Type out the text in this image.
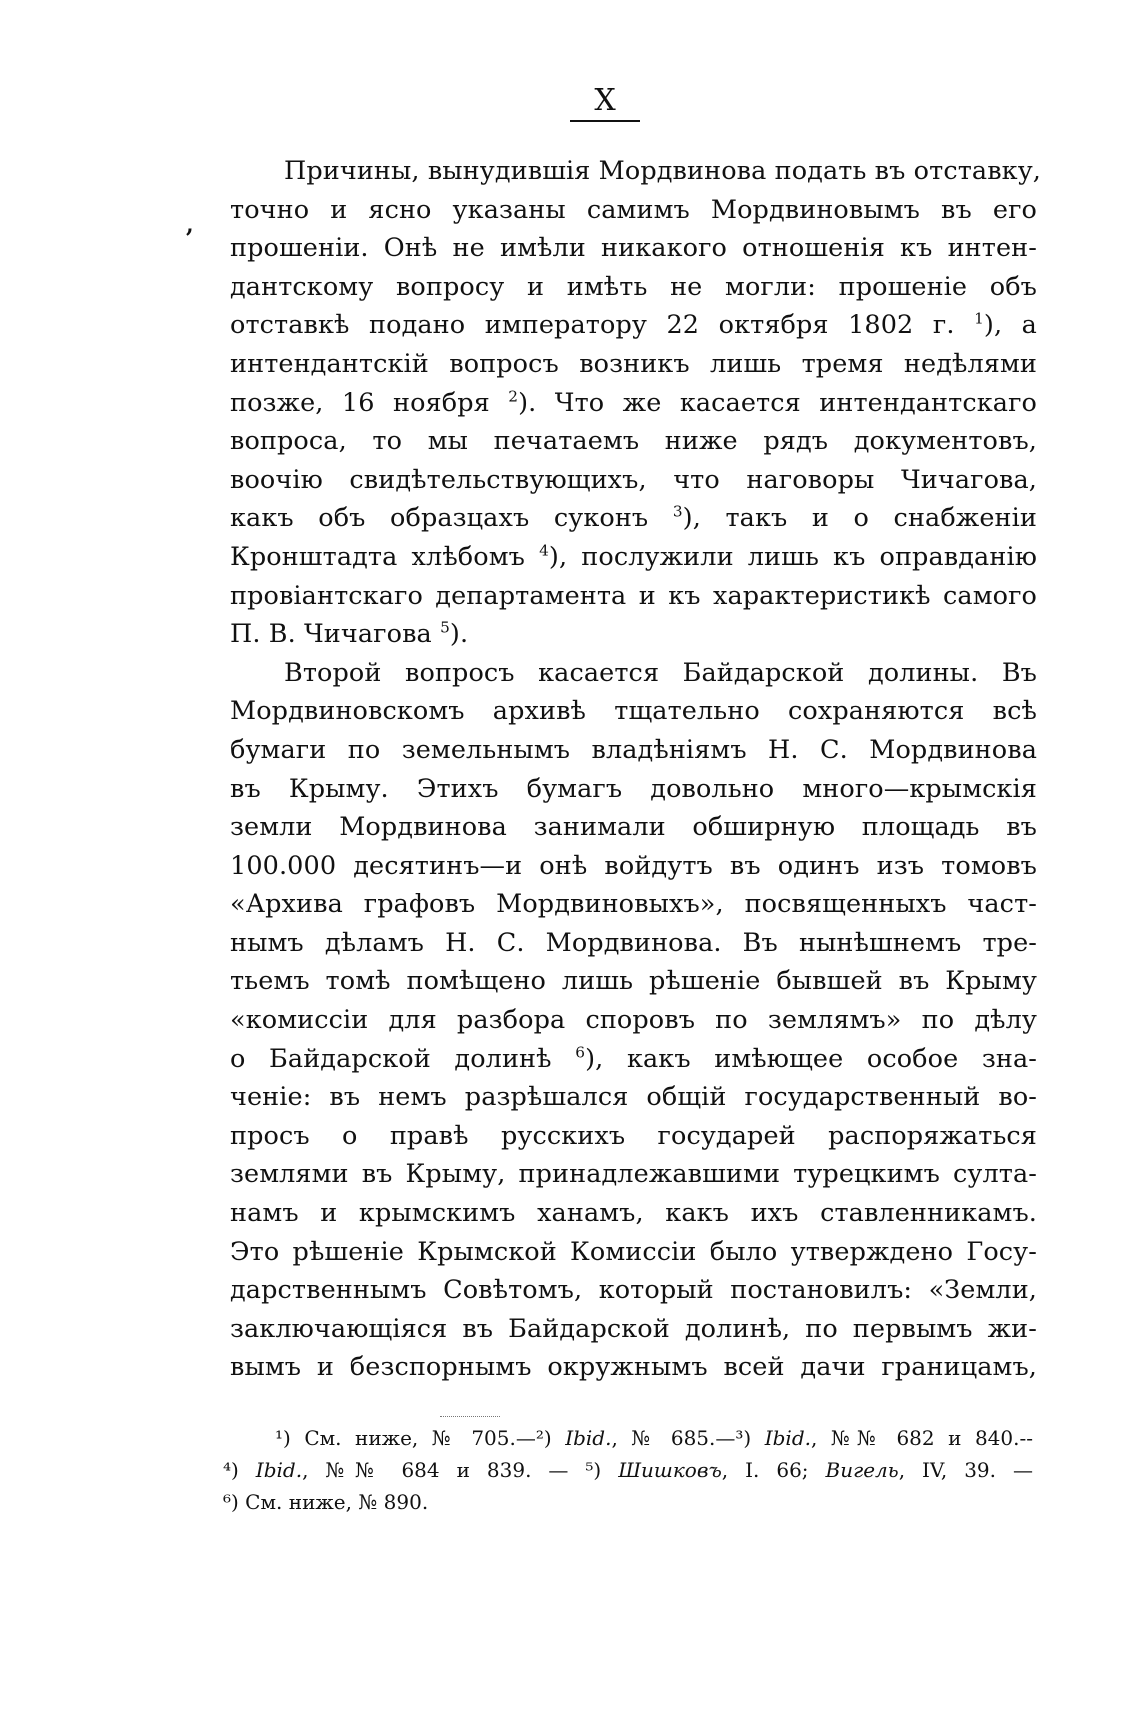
X
,
Причины, вынудившія Мордвинова подать въ отставку,
точно и ясно указаны самимъ Мордвиновымъ въ его
прошеніи. Онѣ не имѣли никакого отношенія къ интен-
дантскому вопросу и имѣть не могли: прошеніе объ
отставкѣ подано императору 22 октября 1802 г. $^1$), а
интендантскій вопросъ возникъ лишь тремя недѣлями
позже, 16 ноября $^2$). Что же касается интендантскаго
вопроса, то мы печатаемъ ниже рядъ документовъ,
воочію свидѣтельствующихъ, что наговоры Чичагова,
какъ объ образцахъ суконъ $^3$), такъ и о снабженіи
Кронштадта хлѣбомъ $^4$), послужили лишь къ оправданію
провіантскаго департамента и къ характеристикѣ самого
П. В. Чичагова $^5$).
Второй вопросъ касается Байдарской долины. Въ
Мордвиновскомъ архивѣ тщательно сохраняются всѣ
бумаги по земельнымъ владѣніямъ Н. С. Мордвинова
въ Крыму. Этихъ бумагъ довольно много—крымскія
земли Мордвинова занимали обширную площадь въ
100.000 десятинъ—и онѣ войдутъ въ одинъ изъ томовъ
«Архива графовъ Мордвиновыхъ», посвященныхъ част-
нымъ дѣламъ Н. С. Мордвинова. Въ нынѣшнемъ тре-
тьемъ томѣ помѣщено лишь рѣшеніе бывшей въ Крыму
«комиссіи для разбора споровъ по землямъ» по дѣлу
о Байдарской долинѣ $^6$), какъ имѣющее особое зна-
ченіе: въ немъ разрѣшался общій государственный во-
просъ о правѣ русскихъ государей распоряжаться
землями въ Крыму, принадлежавшими турецкимъ султа-
намъ и крымскимъ ханамъ, какъ ихъ ставленникамъ.
Это рѣшеніе Крымской Комиссіи было утверждено Госу-
дарственнымъ Совѣтомъ, который постановилъ: «Земли,
заключающіяся въ Байдарской долинѣ, по первымъ жи-
вымъ и безспорнымъ окружнымъ всей дачи границамъ,
¹) См. ниже, № 705.—²) Ibid., № 685.—³) Ibid., №№ 682 и 840.--
⁴) Ibid., №№ 684 и 839. — ⁵) Шишковъ, I. 66; Вигель, IV, 39. —
⁶) См. ниже, № 890.
